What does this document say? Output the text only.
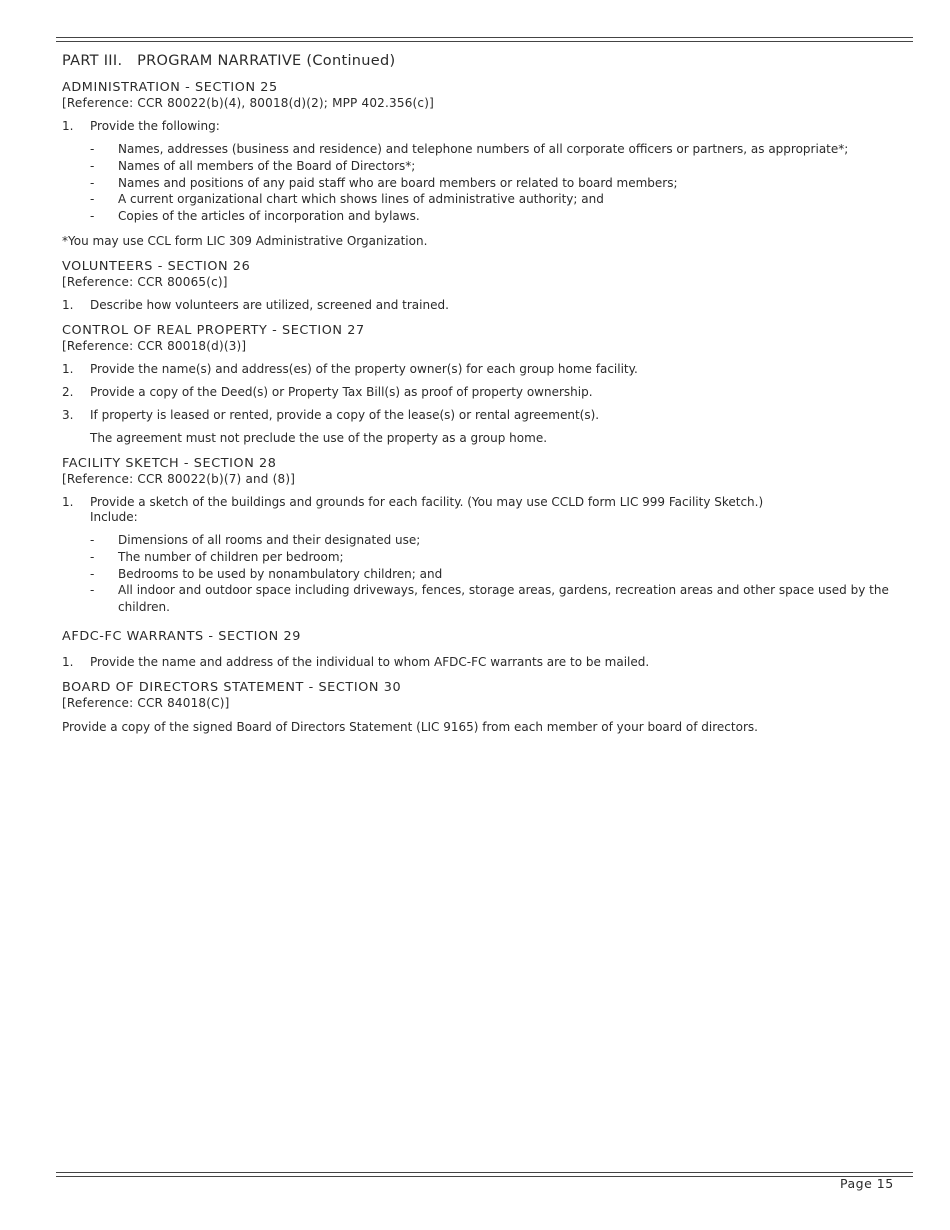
PART III.   PROGRAM NARRATIVE (Continued)
ADMINISTRATION - SECTION 25
[Reference: CCR 80022(b)(4), 80018(d)(2); MPP 402.356(c)]
1.	Provide the following:
-	Names, addresses (business and residence) and telephone numbers of all corporate officers or partners, as appropriate*;
-	Names of all members of the Board of Directors*;
-	Names and positions of any paid staff who are board members or related to board members;
-	A current organizational chart which shows lines of administrative authority; and
-	Copies of the articles of incorporation and bylaws.
*You may use CCL form LIC 309 Administrative Organization.
VOLUNTEERS - SECTION 26
[Reference: CCR 80065(c)]
1.	Describe how volunteers are utilized, screened and trained.
CONTROL OF REAL PROPERTY - SECTION 27
[Reference: CCR 80018(d)(3)]
1.	Provide the name(s) and address(es) of the property owner(s) for each group home facility.
2.	Provide a copy of the Deed(s) or Property Tax Bill(s) as proof of property ownership.
3.	If property is leased or rented, provide a copy of the lease(s) or rental agreement(s).
The agreement must not preclude the use of the property as a group home.
FACILITY SKETCH - SECTION 28
[Reference: CCR 80022(b)(7) and (8)]
1.	Provide a sketch of the buildings and grounds for each facility. (You may use CCLD form LIC 999 Facility Sketch.)
Include:
-	Dimensions of all rooms and their designated use;
-	The number of children per bedroom;
-	Bedrooms to be used by nonambulatory children; and
-	All indoor and outdoor space including driveways, fences, storage areas, gardens, recreation areas and other space used by the children.
AFDC-FC WARRANTS - SECTION 29
1.	Provide the name and address of the individual to whom AFDC-FC warrants are to be mailed.
BOARD OF DIRECTORS STATEMENT - SECTION 30
[Reference: CCR 84018(C)]
Provide a copy of the signed Board of Directors Statement (LIC 9165) from each member of your board of directors.
Page 15
